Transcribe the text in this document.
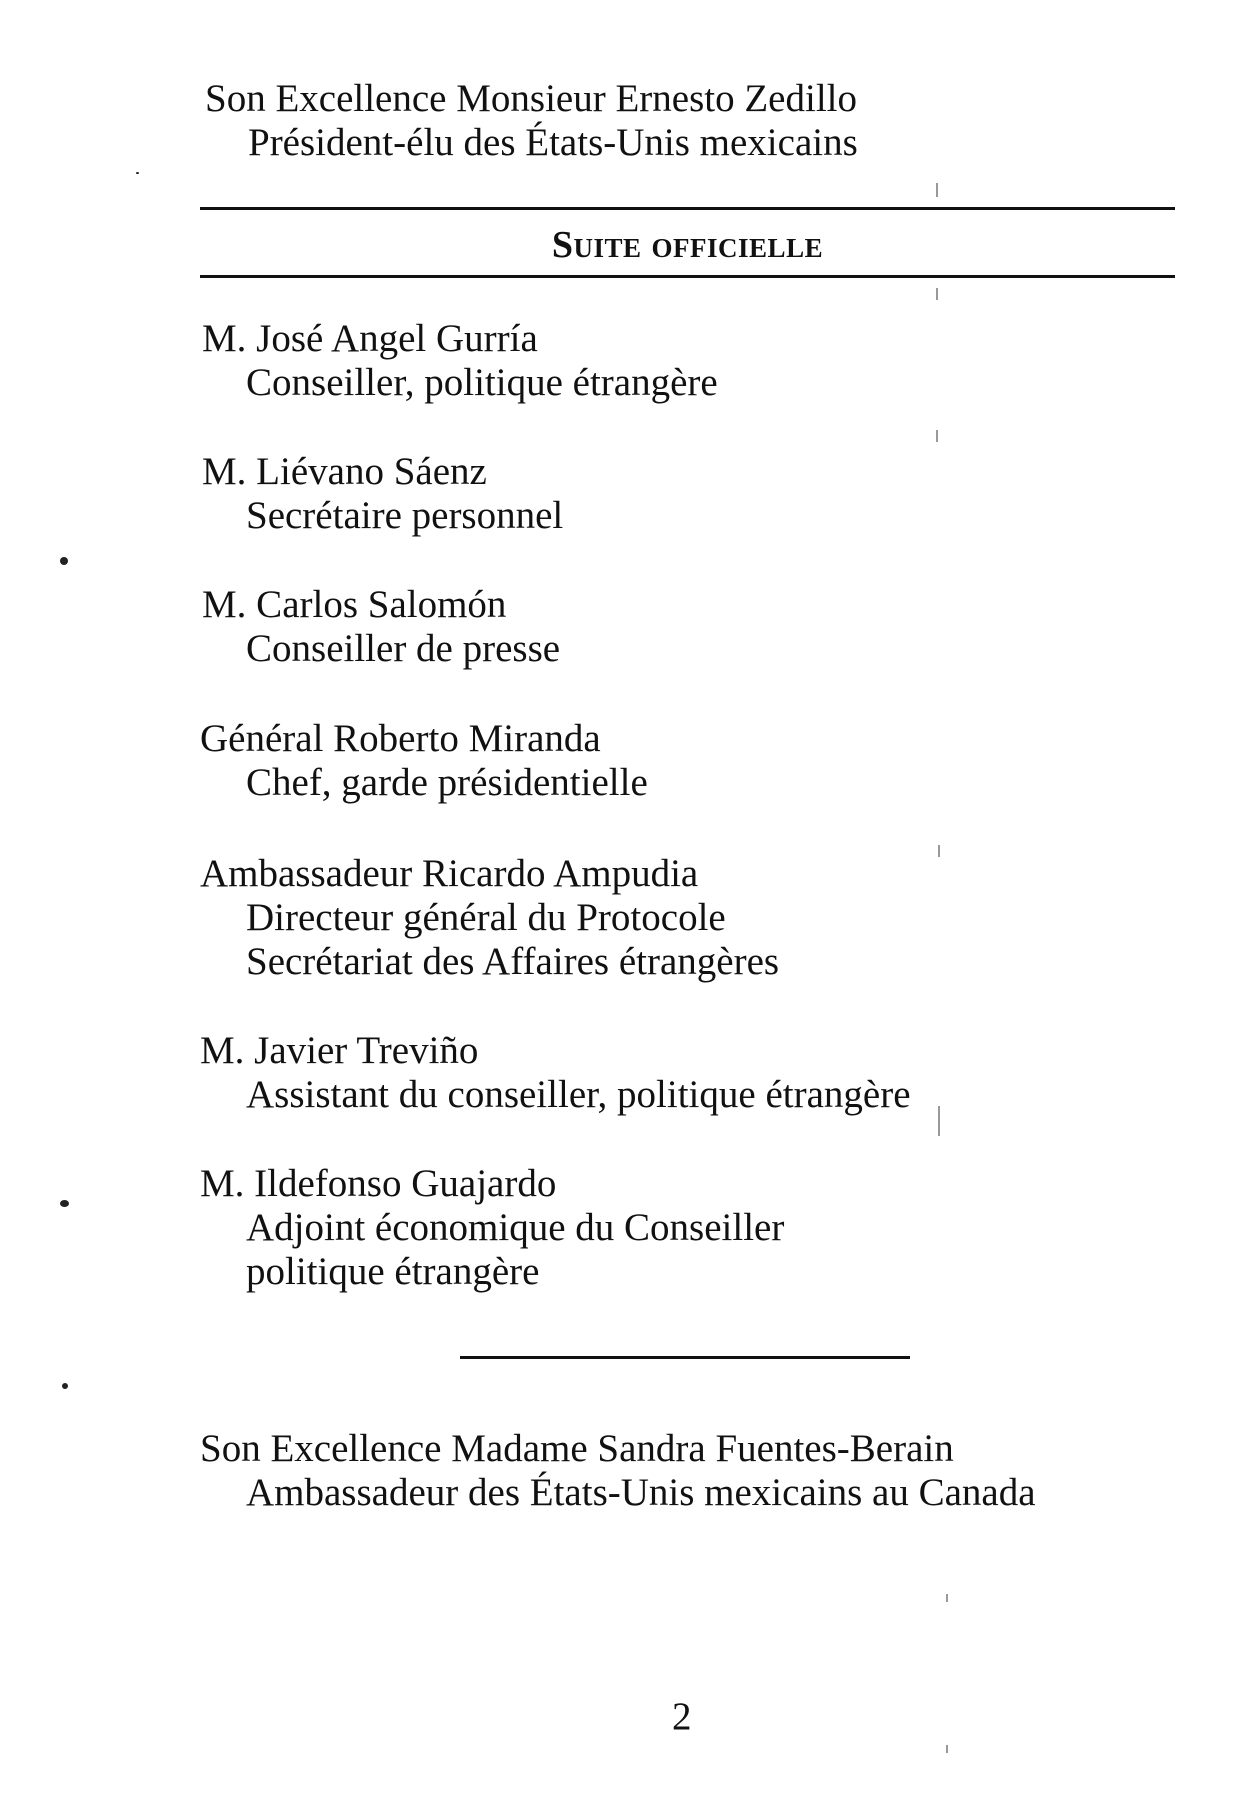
Son Excellence Monsieur Ernesto Zedillo
Président-élu des États-Unis mexicains
Suite officielle
M. José Angel Gurría
Conseiller, politique étrangère
M. Liévano Sáenz
Secrétaire personnel
M. Carlos Salomón
Conseiller de presse
Général Roberto Miranda
Chef, garde présidentielle
Ambassadeur Ricardo Ampudia
Directeur général du Protocole
Secrétariat des Affaires étrangères
M. Javier Treviño
Assistant du conseiller, politique étrangère
M. Ildefonso Guajardo
Adjoint économique du Conseiller
politique étrangère
Son Excellence Madame Sandra Fuentes-Berain
Ambassadeur des États-Unis mexicains au Canada
2
